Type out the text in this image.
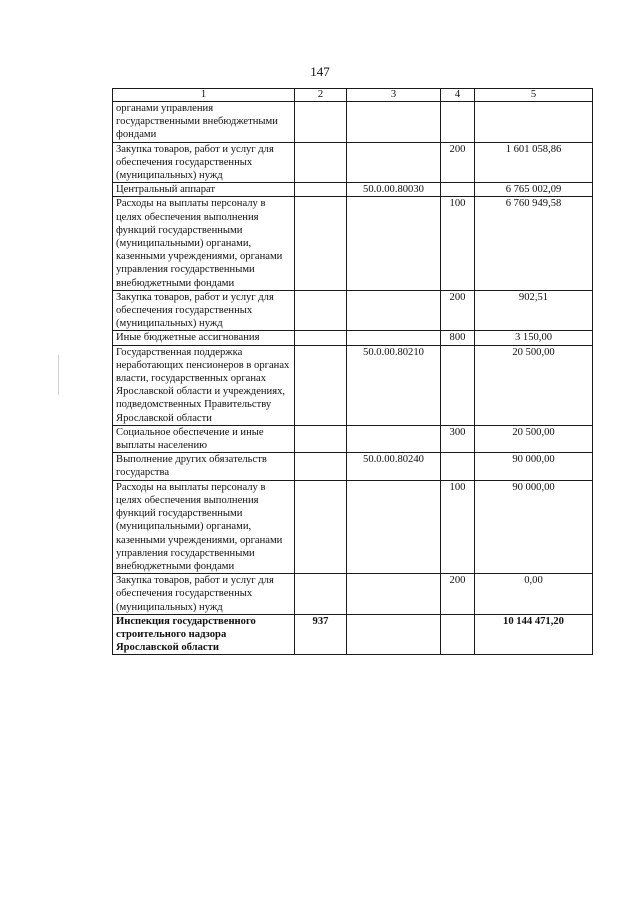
147
1	2	3	4	5
органами управления государственными внебюджетными фондами				
Закупка товаров, работ и услуг для обеспечения государственных (муниципальных) нужд			200	1 601 058,86
Центральный аппарат		50.0.00.80030		6 765 002,09
Расходы на выплаты персоналу в целях обеспечения выполнения функций государственными (муниципальными) органами, казенными учреждениями, органами управления государственными внебюджетными фондами			100	6 760 949,58
Закупка товаров, работ и услуг для обеспечения государственных (муниципальных) нужд			200	902,51
Иные бюджетные ассигнования			800	3 150,00
Государственная поддержка неработающих пенсионеров в органах власти, государственных органах Ярославской области и учреждениях, подведомственных Правительству Ярославской области		50.0.00.80210		20 500,00
Социальное обеспечение и иные выплаты населению			300	20 500,00
Выполнение других обязательств государства		50.0.00.80240		90 000,00
Расходы на выплаты персоналу в целях обеспечения выполнения функций государственными (муниципальными) органами, казенными учреждениями, органами управления государственными внебюджетными фондами			100	90 000,00
Закупка товаров, работ и услуг для обеспечения государственных (муниципальных) нужд			200	0,00
Инспекция государственного строительного надзора Ярославской области	937			10 144 471,20
